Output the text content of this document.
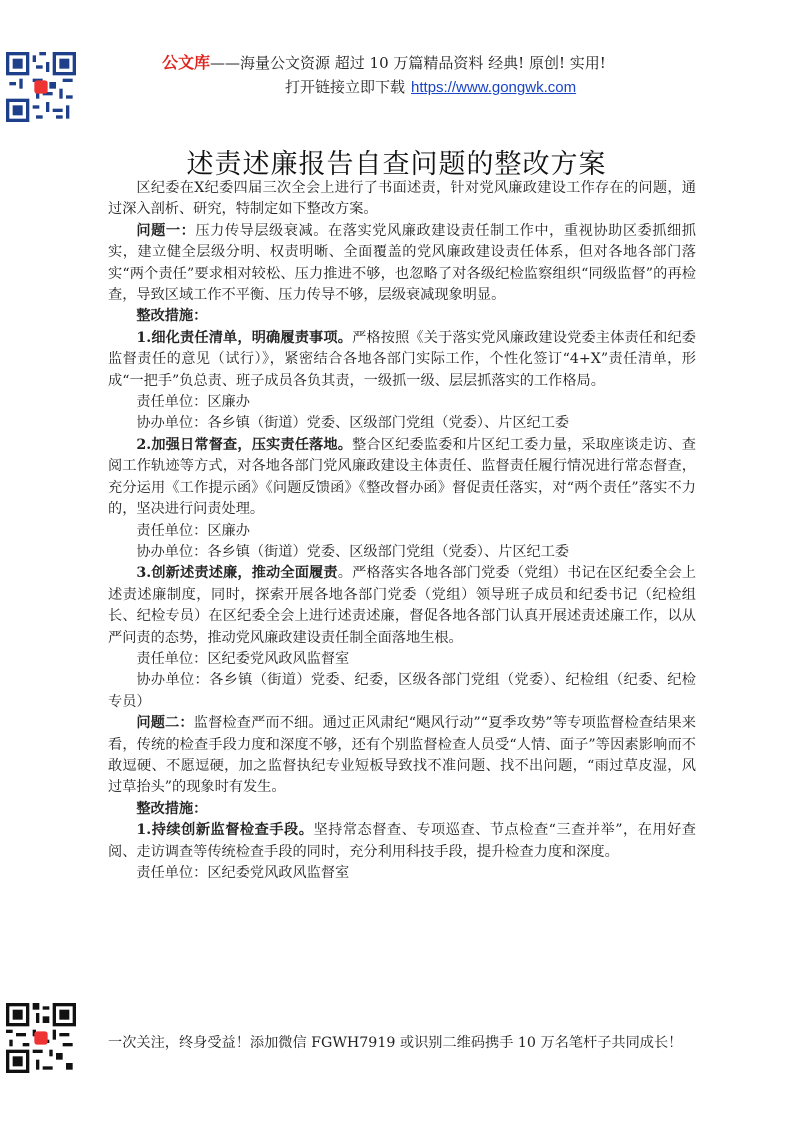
公文库——海量公文资源 超过 10 万篇精品资料 经典! 原创! 实用!
打开链接立即下载 https://www.gongwk.com
述责述廉报告自查问题的整改方案

区纪委在X纪委四届三次全会上进行了书面述责，针对党风廉政建设工作存在的问题，通过深入剖析、研究，特制定如下整改方案。

问题一：压力传导层级衰减。在落实党风廉政建设责任制工作中，重视协助区委抓细抓实，建立健全层级分明、权责明晰、全面覆盖的党风廉政建设责任体系，但对各地各部门落实“两个责任”要求相对较松、压力推进不够，也忽略了对各级纪检监察组织“同级监督”的再检查，导致区域工作不平衡、压力传导不够，层级衰减现象明显。

整改措施：

1.细化责任清单，明确履责事项。严格按照《关于落实党风廉政建设党委主体责任和纪委监督责任的意见（试行）》，紧密结合各地各部门实际工作，个性化签订“4+X”责任清单，形成“一把手”负总责、班子成员各负其责，一级抓一级、层层抓落实的工作格局。

责任单位：区廉办

协办单位：各乡镇（街道）党委、区级部门党组（党委）、片区纪工委

2.加强日常督查，压实责任落地。整合区纪委监委和片区纪工委力量，采取座谈走访、查阅工作轨迹等方式，对各地各部门党风廉政建设主体责任、监督责任履行情况进行常态督查，充分运用《工作提示函》《问题反馈函》《整改督办函》督促责任落实，对“两个责任”落实不力的，坚决进行问责处理。

责任单位：区廉办

协办单位：各乡镇（街道）党委、区级部门党组（党委）、片区纪工委

3.创新述责述廉，推动全面履责。严格落实各地各部门党委（党组）书记在区纪委全会上述责述廉制度，同时，探索开展各地各部门党委（党组）领导班子成员和纪委书记（纪检组长、纪检专员）在区纪委全会上进行述责述廉，督促各地各部门认真开展述责述廉工作，以从严问责的态势，推动党风廉政建设责任制全面落地生根。

责任单位：区纪委党风政风监督室

协办单位：各乡镇（街道）党委、纪委，区级各部门党组（党委）、纪检组（纪委、纪检专员）

问题二：监督检查严而不细。通过正风肃纪“飓风行动”“夏季攻势”等专项监督检查结果来看，传统的检查手段力度和深度不够，还有个别监督检查人员受“人情、面子”等因素影响而不敢逗硬、不愿逗硬，加之监督执纪专业短板导致找不准问题、找不出问题，“雨过草皮湿，风过草抬头”的现象时有发生。

整改措施：

1.持续创新监督检查手段。坚持常态督查、专项巡查、节点检查“三查并举”，在用好查阅、走访调查等传统检查手段的同时，充分利用科技手段，提升检查力度和深度。

责任单位：区纪委党风政风监督室

一次关注，终身受益！添加微信 FGWH7919 或识别二维码携手 10 万名笔杆子共同成长！
